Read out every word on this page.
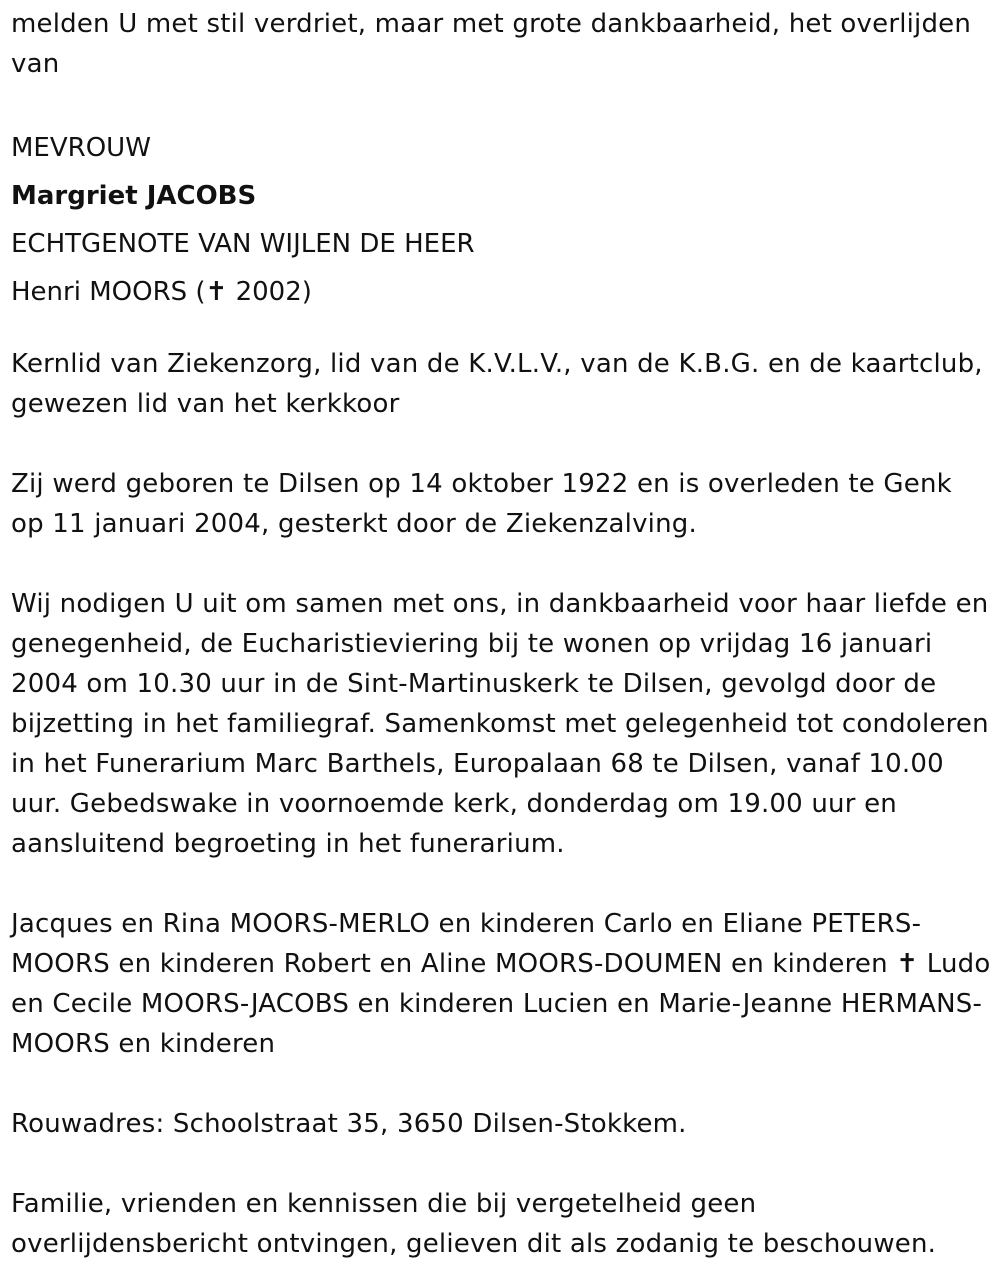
melden U met stil verdriet, maar met grote dankbaarheid, het overlijden van

MEVROUW
Margriet JACOBS
ECHTGENOTE VAN WIJLEN DE HEER
Henri MOORS (✝ 2002)

Kernlid van Ziekenzorg, lid van de K.V.L.V., van de K.B.G. en de kaartclub, gewezen lid van het kerkkoor

Zij werd geboren te Dilsen op 14 oktober 1922 en is overleden te Genk op 11 januari 2004, gesterkt door de Ziekenzalving.

Wij nodigen U uit om samen met ons, in dankbaarheid voor haar liefde en genegenheid, de Eucharistieviering bij te wonen op vrijdag 16 januari 2004 om 10.30 uur in de Sint-Martinuskerk te Dilsen, gevolgd door de bijzetting in het familiegraf. Samenkomst met gelegenheid tot condoleren in het Funerarium Marc Barthels, Europalaan 68 te Dilsen, vanaf 10.00 uur. Gebedswake in voornoemde kerk, donderdag om 19.00 uur en aansluitend begroeting in het funerarium.

Jacques en Rina MOORS-MERLO en kinderen Carlo en Eliane PETERS-MOORS en kinderen Robert en Aline MOORS-DOUMEN en kinderen ✝ Ludo en Cecile MOORS-JACOBS en kinderen Lucien en Marie-Jeanne HERMANS-MOORS en kinderen

Rouwadres: Schoolstraat 35, 3650 Dilsen-Stokkem.

Familie, vrienden en kennissen die bij vergetelheid geen overlijdensbericht ontvingen, gelieven dit als zodanig te beschouwen.
